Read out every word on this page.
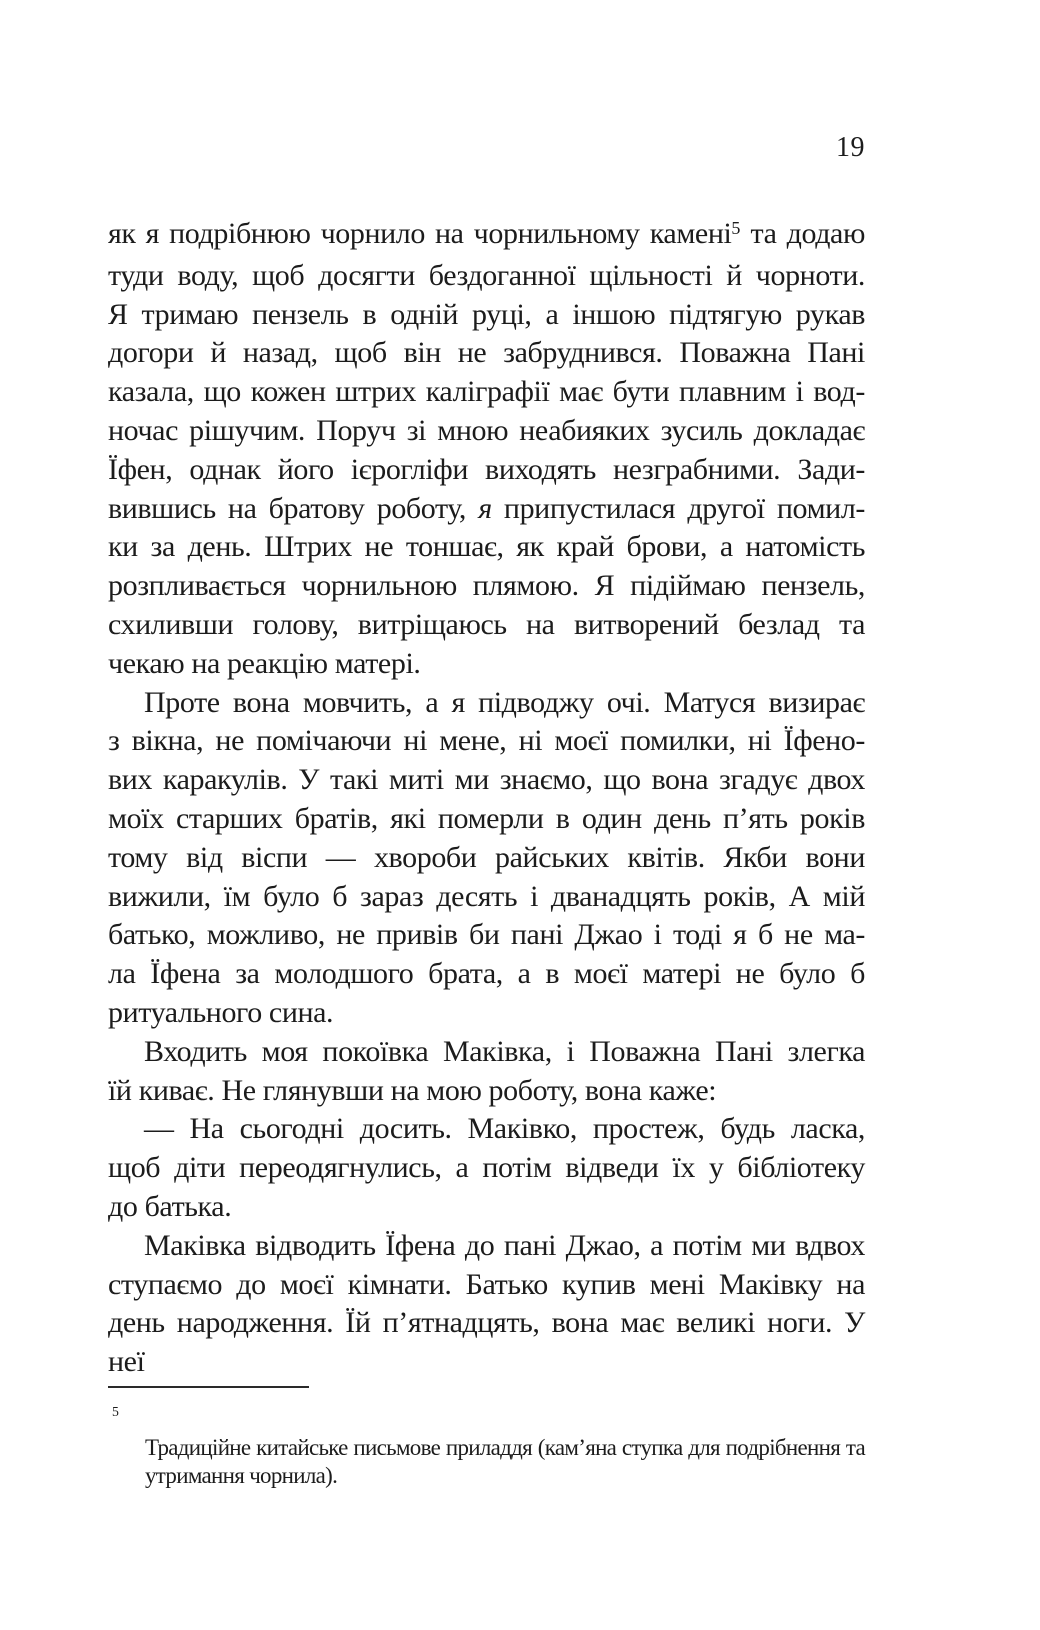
19
як я подрібнюю чорнило на чорнильному камені$^5$ та додаю
туди воду, щоб досягти бездоганної щільності й чорноти.
Я тримаю пензель в одній руці, а іншою підтягую рукав
догори й назад, щоб він не забруднився. Поважна Пані
казала, що кожен штрих каліграфії має бути плавним і вод-
ночас рішучим. Поруч зі мною неабияких зусиль докладає
Їфен, однак його ієрогліфи виходять незграбними. Зади-
вившись на братову роботу, я припустилася другої помил-
ки за день. Штрих не тоншає, як край брови, а натомість
розпливається чорнильною плямою. Я підіймаю пензель,
схиливши голову, витріщаюсь на витворений безлад та
чекаю на реакцію матері.
Проте вона мовчить, а я підводжу очі. Матуся визирає
з вікна, не помічаючи ні мене, ні моєї помилки, ні Їфено-
вих каракулів. У такі миті ми знаємо, що вона згадує двох
моїх старших братів, які померли в один день п’ять років
тому від віспи — хвороби райських квітів. Якби вони
вижили, їм було б зараз десять і дванадцять років, А мій
батько, можливо, не привів би пані Джао і тоді я б не ма-
ла Їфена за молодшого брата, а в моєї матері не було б
ритуального сина.
Входить моя покоївка Маківка, і Поважна Пані злегка
їй киває. Не глянувши на мою роботу, вона каже:
— На сьогодні досить. Маківко, простеж, будь ласка,
щоб діти переодягнулись, а потім відведи їх у бібліотеку
до батька.
Маківка відводить Їфена до пані Джао, а потім ми вдвох
ступаємо до моєї кімнати. Батько купив мені Маківку на
день народження. Їй п’ятнадцять, вона має великі ноги. У неї
$^5$
Традиційне китайське письмове приладдя (кам’яна ступка для подрібнення та
утримання чорнила).
